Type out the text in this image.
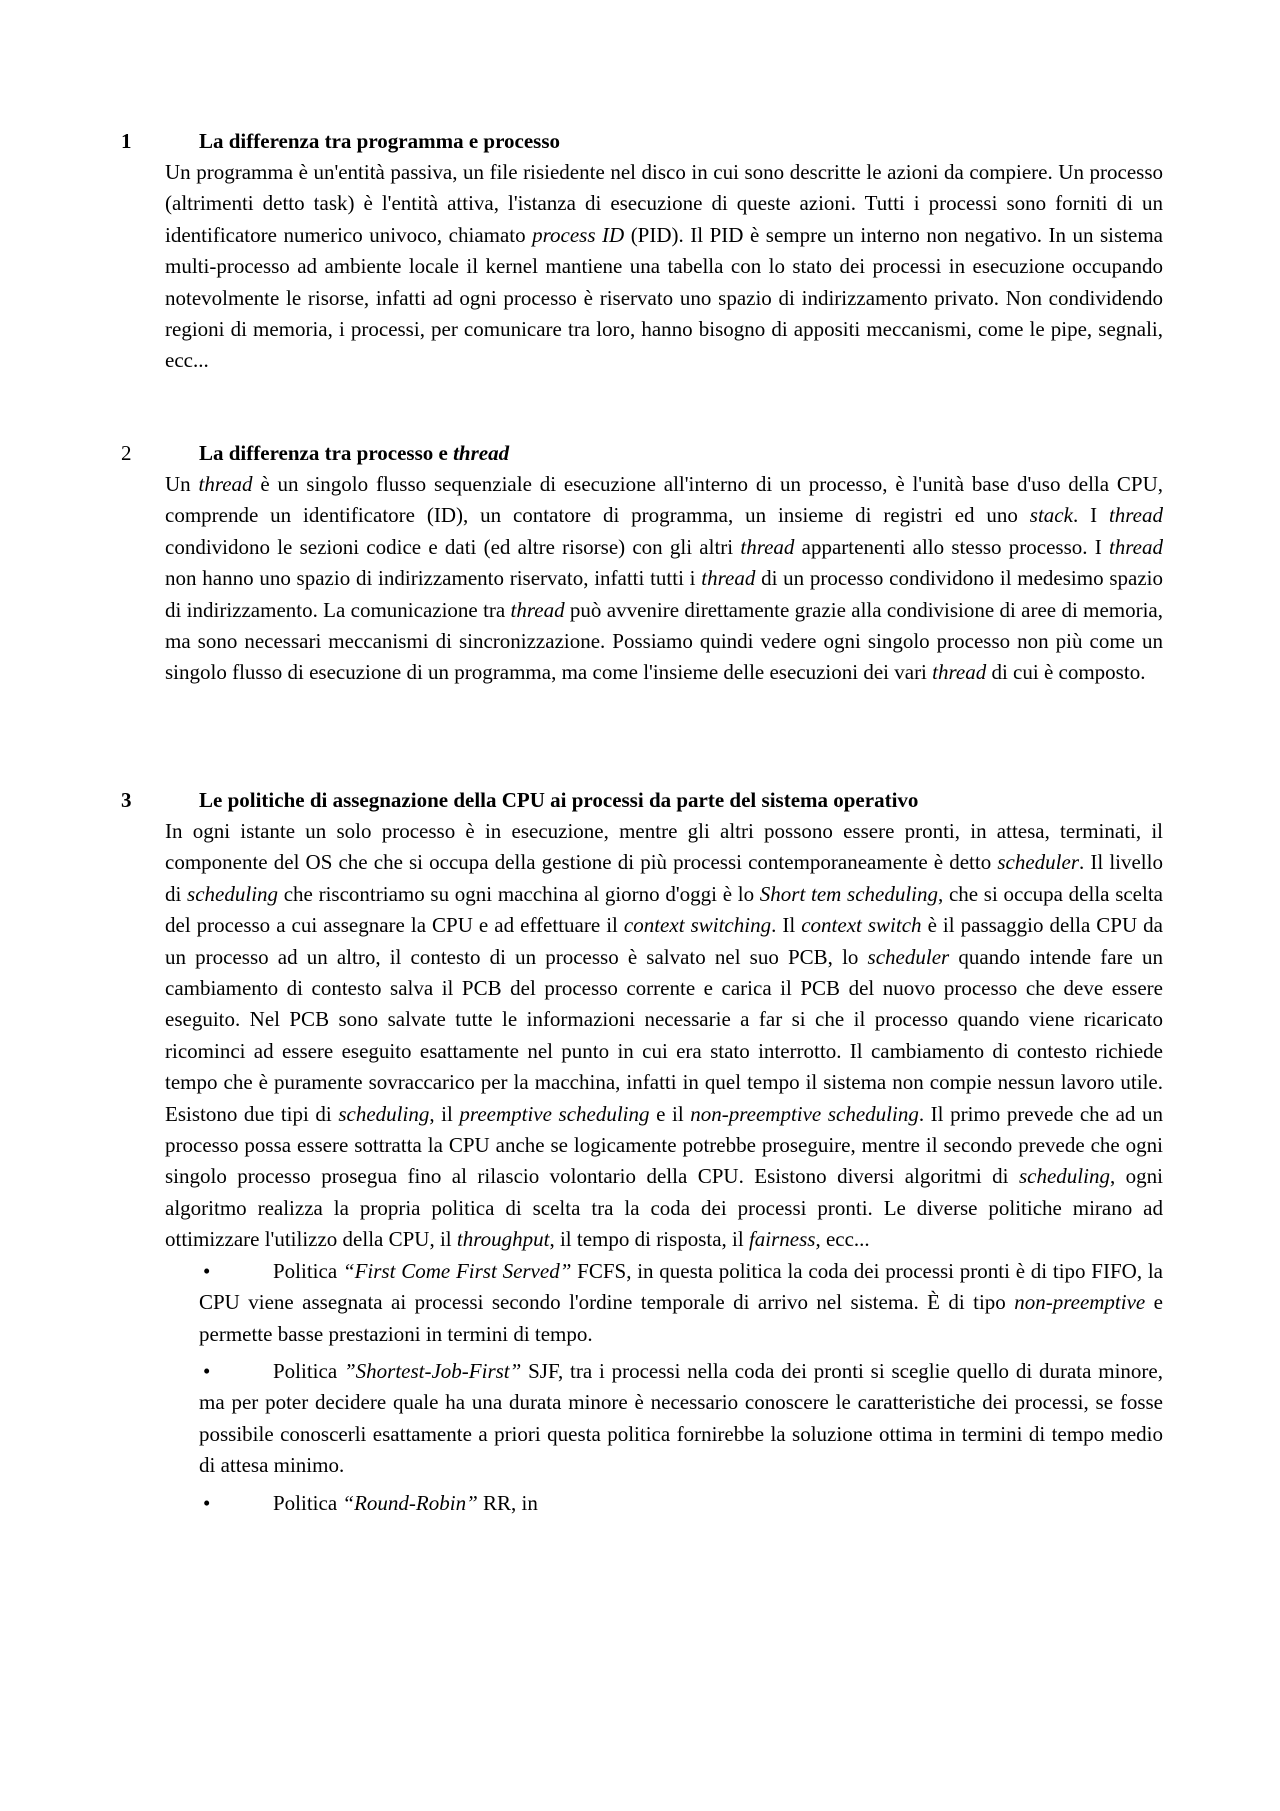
1	La differenza tra programma e processo

Un programma è un'entità passiva, un file risiedente nel disco in cui sono descritte le azioni da compiere. Un processo (altrimenti detto task) è l'entità attiva, l'istanza di esecuzione di queste azioni. Tutti i processi sono forniti di un identificatore numerico univoco, chiamato process ID (PID). Il PID è sempre un interno non negativo. In un sistema multi-processo ad ambiente locale il kernel mantiene una tabella con lo stato dei processi in esecuzione occupando notevolmente le risorse, infatti ad ogni processo è riservato uno spazio di indirizzamento privato. Non condividendo regioni di memoria, i processi, per comunicare tra loro, hanno bisogno di appositi meccanismi, come le pipe, segnali, ecc...

2	La differenza tra processo e thread

Un thread è un singolo flusso sequenziale di esecuzione all'interno di un processo, è l'unità base d'uso della CPU, comprende un identificatore (ID), un contatore di programma, un insieme di registri ed uno stack. I thread condividono le sezioni codice e dati (ed altre risorse) con gli altri thread appartenenti allo stesso processo. I thread non hanno uno spazio di indirizzamento riservato, infatti tutti i thread di un processo condividono il medesimo spazio di indirizzamento. La comunicazione tra thread può avvenire direttamente grazie alla condivisione di aree di memoria, ma sono necessari meccanismi di sincronizzazione. Possiamo quindi vedere ogni singolo processo non più come un singolo flusso di esecuzione di un programma, ma come l'insieme delle esecuzioni dei vari thread di cui è composto.

3	Le politiche di assegnazione della CPU ai processi da parte del sistema operativo

In ogni istante un solo processo è in esecuzione, mentre gli altri possono essere pronti, in attesa, terminati, il componente del OS che che si occupa della gestione di più processi contemporaneamente è detto scheduler. Il livello di scheduling che riscontriamo su ogni macchina al giorno d'oggi è lo Short tem scheduling, che si occupa della scelta del processo a cui assegnare la CPU e ad effettuare il context switching. Il context switch è il passaggio della CPU da un processo ad un altro, il contesto di un processo è salvato nel suo PCB, lo scheduler quando intende fare un cambiamento di contesto salva il PCB del processo corrente e carica il PCB del nuovo processo che deve essere eseguito. Nel PCB sono salvate tutte le informazioni necessarie a far si che il processo quando viene ricaricato ricominci ad essere eseguito esattamente nel punto in cui era stato interrotto. Il cambiamento di contesto richiede tempo che è puramente sovraccarico per la macchina, infatti in quel tempo il sistema non compie nessun lavoro utile. Esistono due tipi di scheduling, il preemptive scheduling e il non-preemptive scheduling. Il primo prevede che ad un processo possa essere sottratta la CPU anche se logicamente potrebbe proseguire, mentre il secondo prevede che ogni singolo processo prosegua fino al rilascio volontario della CPU. Esistono diversi algoritmi di scheduling, ogni algoritmo realizza la propria politica di scelta tra la coda dei processi pronti. Le diverse politiche mirano ad ottimizzare l'utilizzo della CPU, il throughput, il tempo di risposta, il fairness, ecc...

•	Politica “First Come First Served” FCFS, in questa politica la coda dei processi pronti è di tipo FIFO, la CPU viene assegnata ai processi secondo l'ordine temporale di arrivo nel sistema. È di tipo non-preemptive e permette basse prestazioni in termini di tempo.
•	Politica ”Shortest-Job-First” SJF, tra i processi nella coda dei pronti si sceglie quello di durata minore, ma per poter decidere quale ha una durata minore è necessario conoscere le caratteristiche dei processi, se fosse possibile conoscerli esattamente a priori questa politica fornirebbe la soluzione ottima in termini di tempo medio di attesa minimo.
•	Politica “Round-Robin” RR, in
